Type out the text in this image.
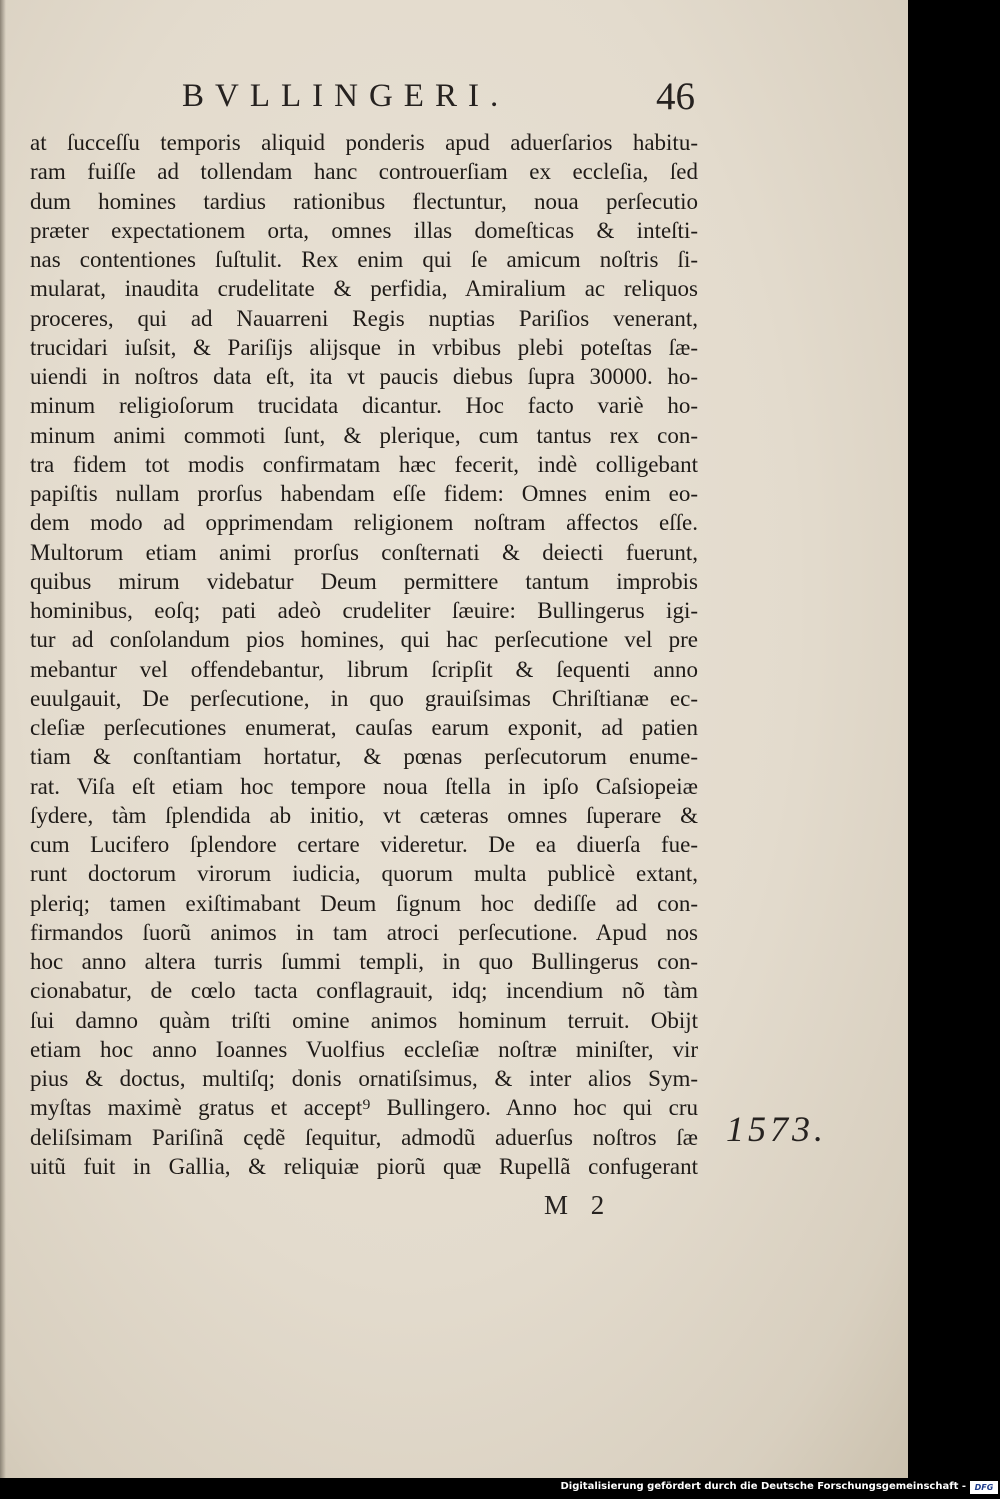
BVLLINGERI.	46
at ſucceſſu temporis aliquid ponderis apud aduerſarios habitu-
ram fuiſſe ad tollendam hanc controuerſiam ex eccleſia, ſed
dum homines tardius rationibus flectuntur, noua perſecutio
præter expectationem orta, omnes illas domeſticas & inteſti-
nas contentiones ſuſtulit. Rex enim qui ſe amicum noſtris ſi-
mularat, inaudita crudelitate & perfidia, Amiralium ac reliquos
proceres, qui ad Nauarreni Regis nuptias Pariſios venerant,
trucidari iuſsit, & Pariſijs alijsque in vrbibus plebi poteſtas ſæ-
uiendi in noſtros data eſt, ita vt paucis diebus ſupra 30000. ho-
minum religioſorum trucidata dicantur. Hoc facto variè ho-
minum animi commoti ſunt, & plerique, cum tantus rex con-
tra fidem tot modis confirmatam hæc fecerit, indè colligebant
papiſtis nullam prorſus habendam eſſe fidem: Omnes enim eo-
dem modo ad opprimendam religionem noſtram affectos eſſe.
Multorum etiam animi prorſus conſternati & deiecti fuerunt,
quibus mirum videbatur Deum permittere tantum improbis
hominibus, eoſq; pati adeò crudeliter ſæuire: Bullingerus igi-
tur ad conſolandum pios homines, qui hac perſecutione vel pre
mebantur vel offendebantur, librum ſcripſit & ſequenti anno
euulgauit, De perſecutione, in quo grauiſsimas Chriſtianæ ec-
cleſiæ perſecutiones enumerat, cauſas earum exponit, ad patien
tiam & conſtantiam hortatur, & pœnas perſecutorum enume-
rat. Viſa eſt etiam hoc tempore noua ſtella in ipſo Caſsiopeiæ
ſydere, tàm ſplendida ab initio, vt cæteras omnes ſuperare &
cum Lucifero ſplendore certare videretur. De ea diuerſa fue-
runt doctorum virorum iudicia, quorum multa publicè extant,
pleriq; tamen exiſtimabant Deum ſignum hoc dediſſe ad con-
firmandos ſuorũ animos in tam atroci perſecutione. Apud nos
hoc anno altera turris ſummi templi, in quo Bullingerus con-
cionabatur, de cœlo tacta conflagrauit, idq; incendium nõ tàm
ſui damno quàm triſti omine animos hominum terruit. Obijt
etiam hoc anno Ioannes Vuolfius eccleſiæ noſtræ miniſter, vir
pius & doctus, multiſq; donis ornatiſsimus, & inter alios Sym-
myſtas maximè gratus et accept⁹ Bullingero. Anno hoc qui cru
deliſsimam Pariſinã cędẽ ſequitur, admodũ aduerſus noſtros ſæ
uitũ fuit in Gallia, & reliquiæ piorũ quæ Rupellã confugerant
1573.
M 2
Digitalisierung gefördert durch die Deutsche Forschungsgemeinschaft -	DFG
